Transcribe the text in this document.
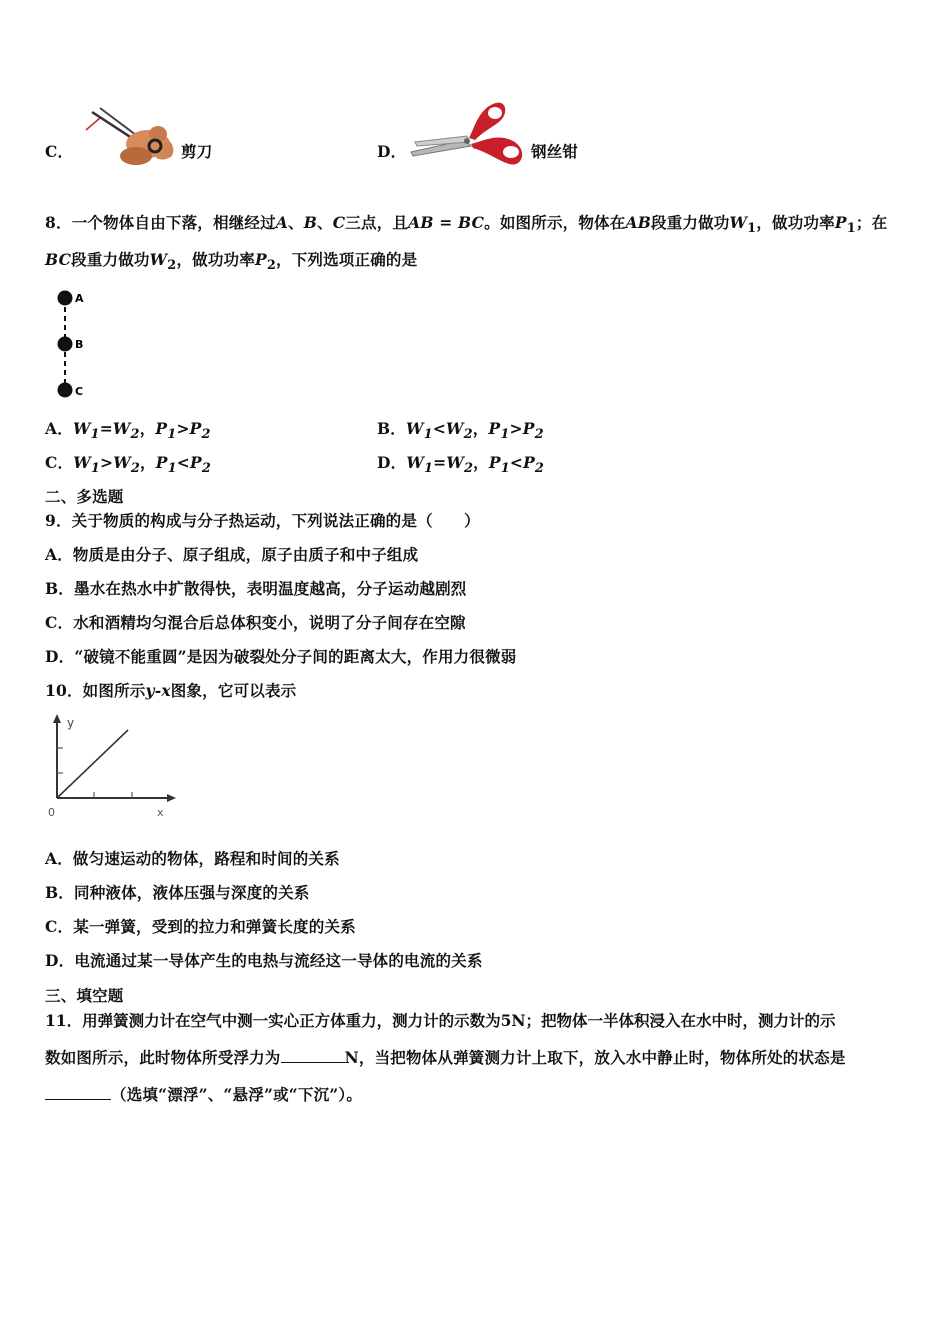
C．	剪刀	D．	钢丝钳
8．一个物体自由下落，相继经过A、B、C三点，且AB = BC。如图所示，物体在AB段重力做功$W_1$，做功功率$P_1$；在
BC段重力做功$W_2$，做功功率$P_2$，下列选项正确的是
A
B
C
A．$W_1=W_2$，$P_1>P_2$	B．$W_1<W_2$，$P_1>P_2$
C．$W_1>W_2$，$P_1<P_2$	D．$W_1=W_2$，$P_1<P_2$
二、多选题
9．关于物质的构成与分子热运动，下列说法正确的是（　　）
A．物质是由分子、原子组成，原子由质子和中子组成
B．墨水在热水中扩散得快，表明温度越高，分子运动越剧烈
C．水和酒精均匀混合后总体积变小，说明了分子间存在空隙
D．“破镜不能重圆”是因为破裂处分子间的距离太大，作用力很微弱
10．如图所示y-x图象，它可以表示
y
0	x
A．做匀速运动的物体，路程和时间的关系
B．同种液体，液体压强与深度的关系
C．某一弹簧，受到的拉力和弹簧长度的关系
D．电流通过某一导体产生的电热与流经这一导体的电流的关系
三、填空题
11．用弹簧测力计在空气中测一实心正方体重力，测力计的示数为5N；把物体一半体积浸入在水中时，测力计的示
数如图所示，此时物体所受浮力为	N，当把物体从弹簧测力计上取下，放入水中静止时，物体所处的状态是
（选填“漂浮”、“悬浮”或“下沉”）。
